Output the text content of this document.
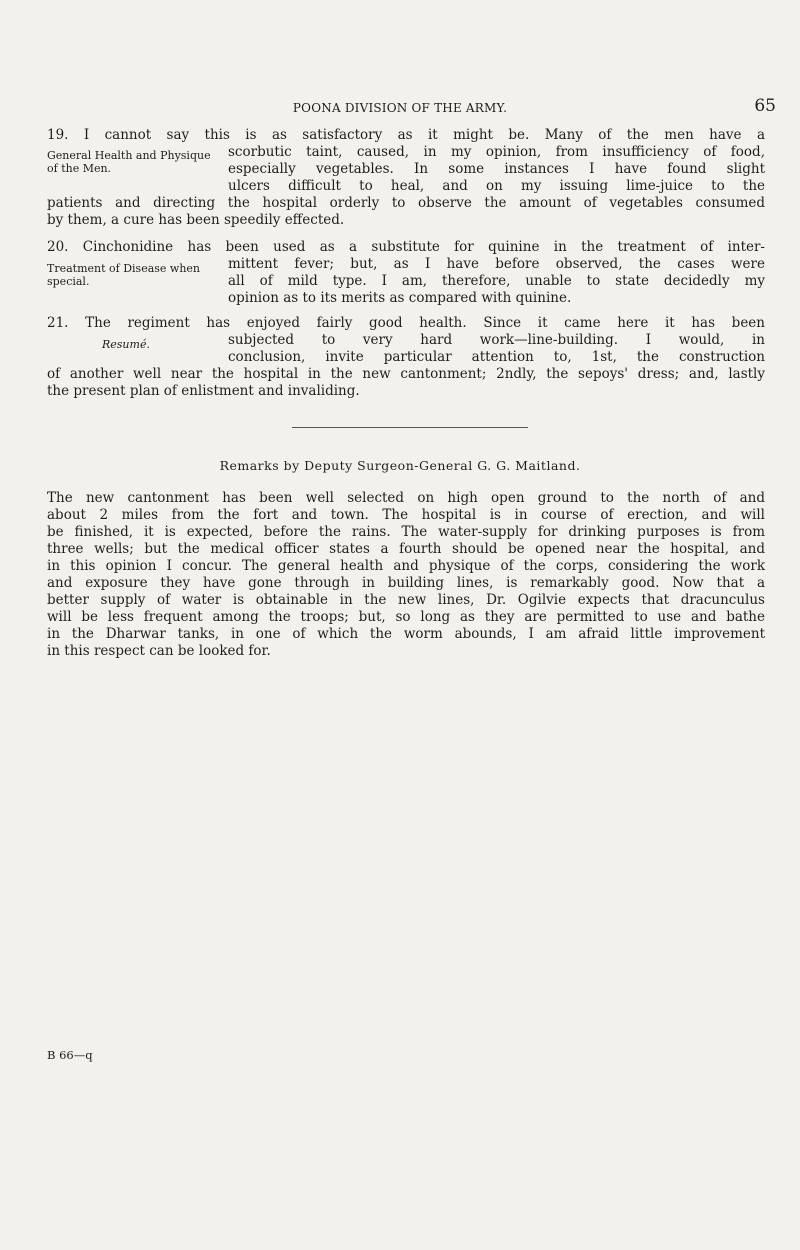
POONA DIVISION OF THE ARMY.	65
19. I cannot say this is as satisfactory as it might be. Many of the men have a
General Health and Physique
of the Men.
scorbutic taint, caused, in my opinion, from insufficiency of food,
especially vegetables. In some instances I have found slight
ulcers difficult to heal, and on my issuing lime-juice to the
patients and directing the hospital orderly to observe the amount of vegetables consumed
by them, a cure has been speedily effected.
20. Cinchonidine has been used as a substitute for quinine in the treatment of inter-
Treatment of Disease when
special.
mittent fever; but, as I have before observed, the cases were
all of mild type. I am, therefore, unable to state decidedly my
opinion as to its merits as compared with quinine.
21. The regiment has enjoyed fairly good health. Since it came here it has been
Resumé.	subjected to very hard work—line-building. I would, in
conclusion, invite particular attention to, 1st, the construction
of another well near the hospital in the new cantonment; 2ndly, the sepoys' dress; and, lastly
the present plan of enlistment and invaliding.
Remarks by Deputy Surgeon-General G. G. Maitland.
The new cantonment has been well selected on high open ground to the north of and
about 2 miles from the fort and town. The hospital is in course of erection, and will
be finished, it is expected, before the rains. The water-supply for drinking purposes is from
three wells; but the medical officer states a fourth should be opened near the hospital, and
in this opinion I concur. The general health and physique of the corps, considering the work
and exposure they have gone through in building lines, is remarkably good. Now that a
better supply of water is obtainable in the new lines, Dr. Ogilvie expects that dracunculus
will be less frequent among the troops; but, so long as they are permitted to use and bathe
in the Dharwar tanks, in one of which the worm abounds, I am afraid little improvement
in this respect can be looked for.
B 66—q
